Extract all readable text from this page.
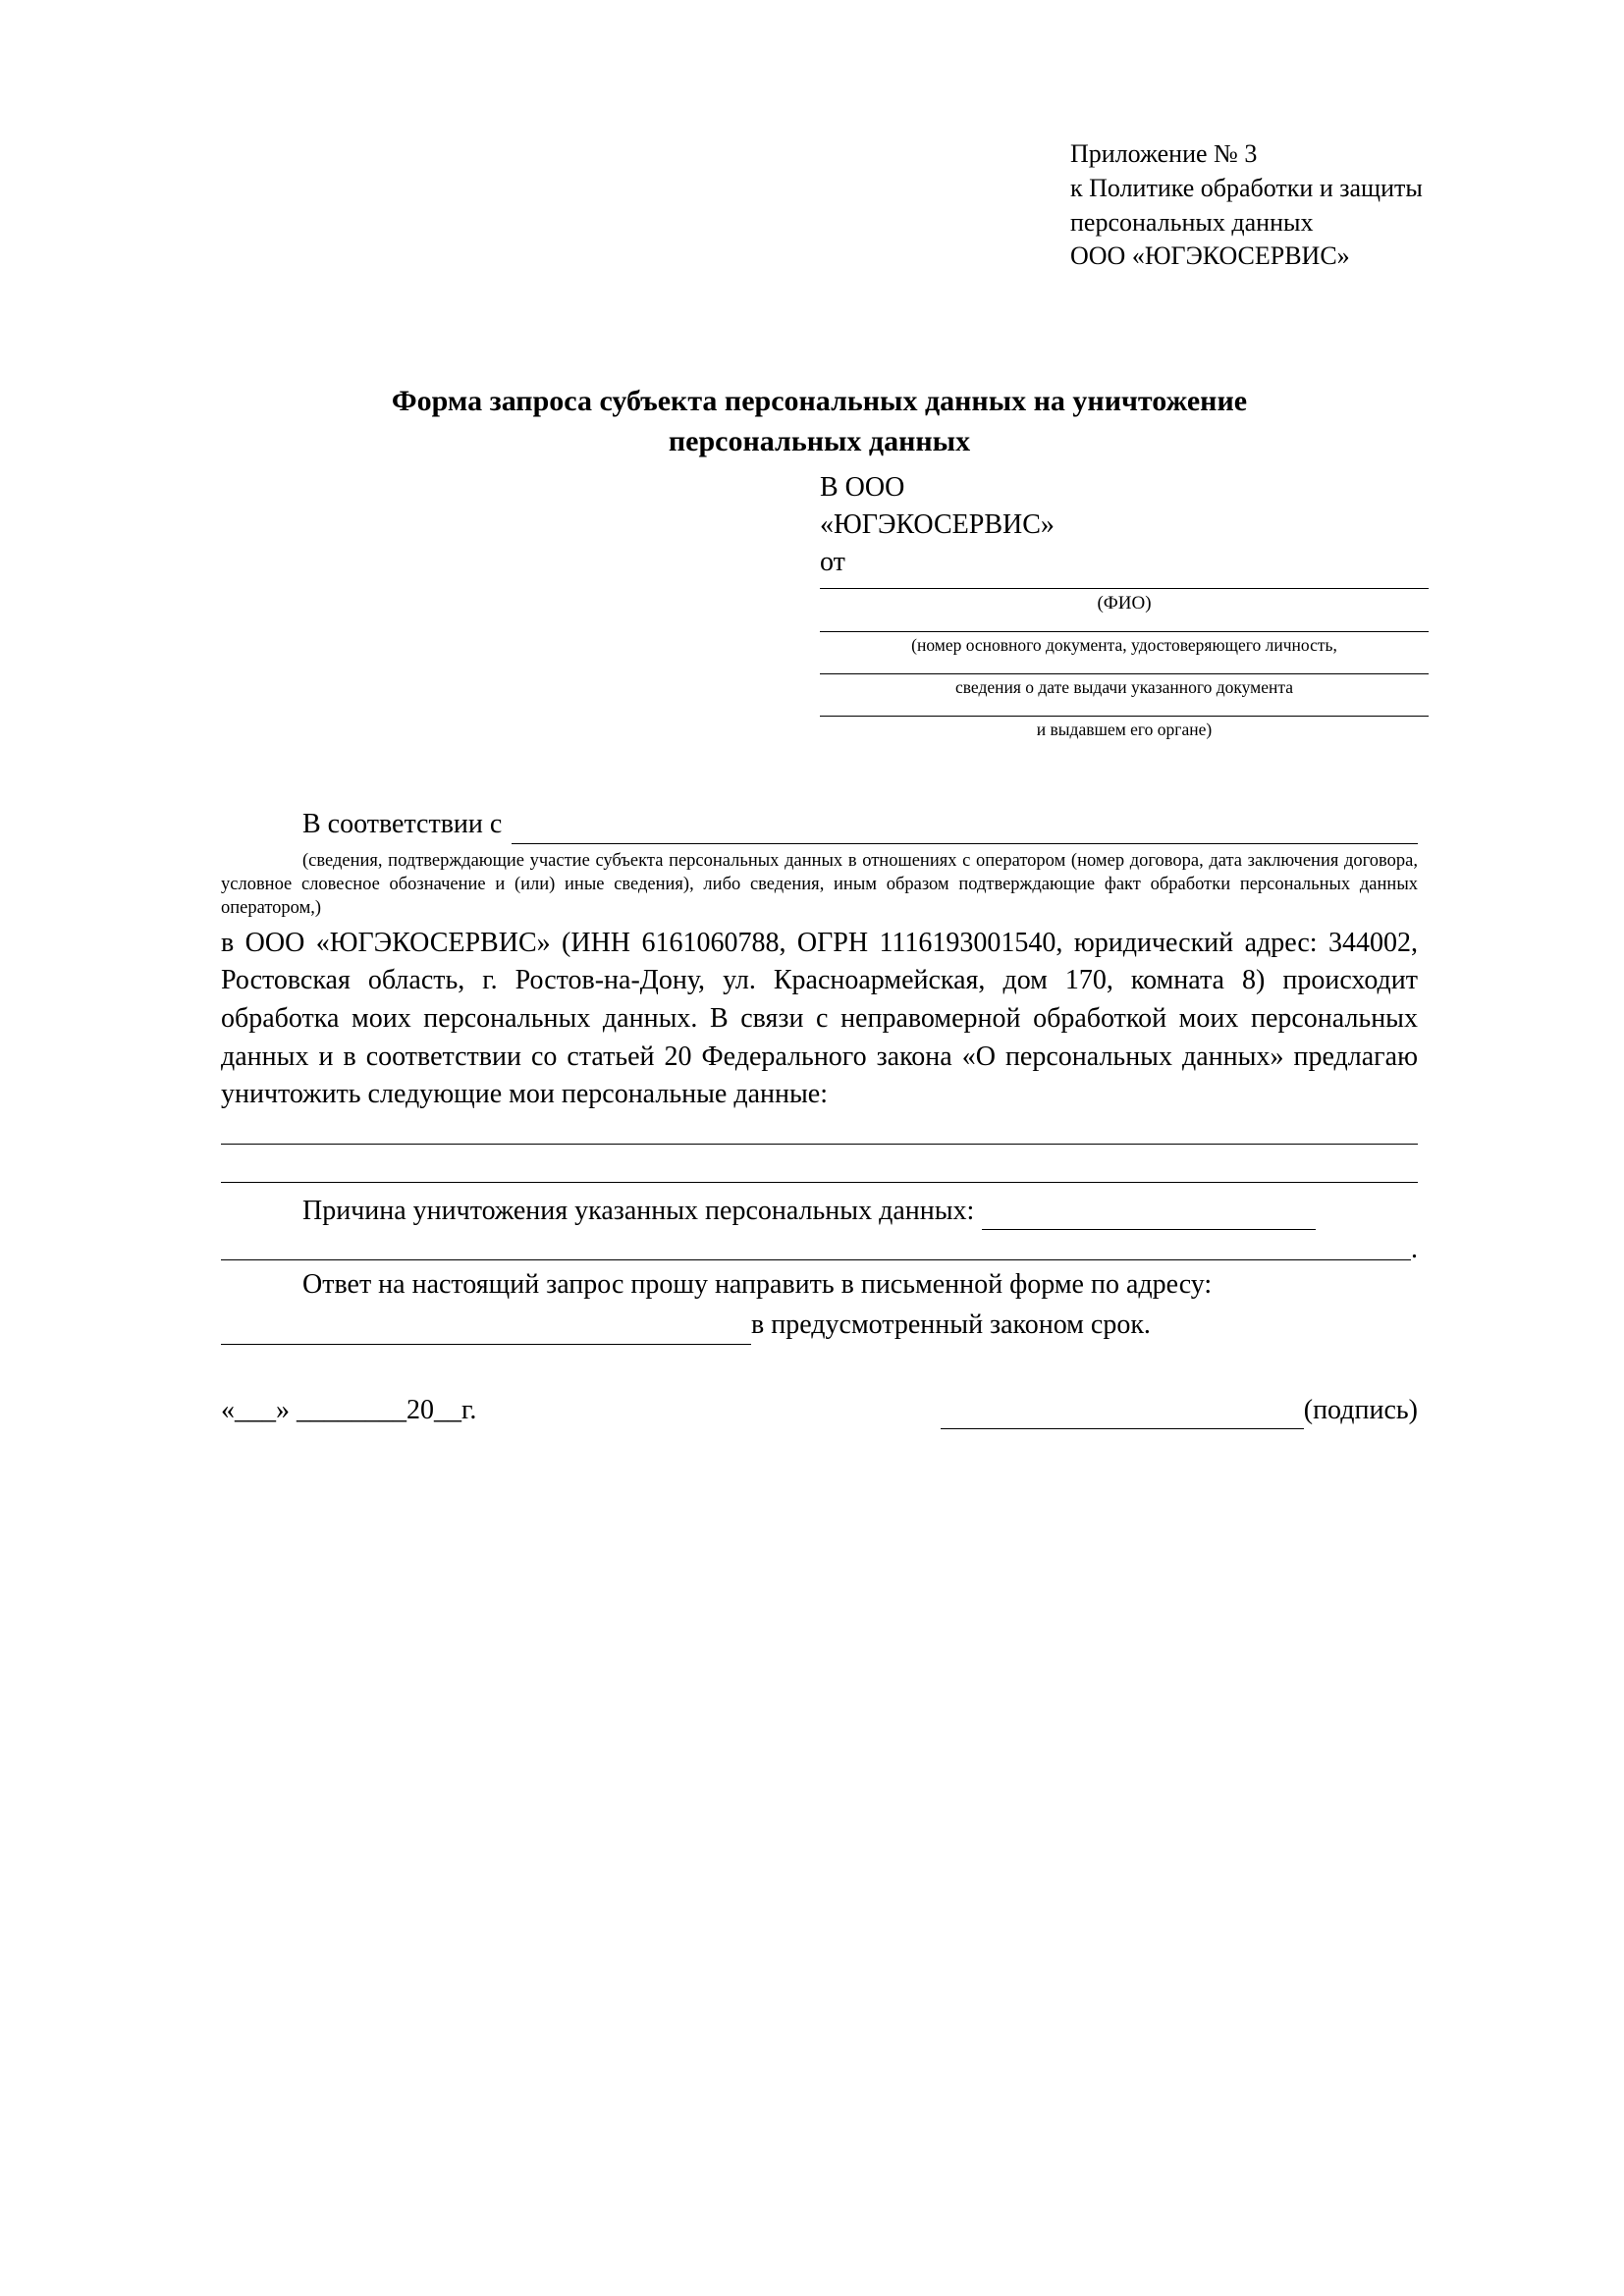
Приложение № 3
к Политике обработки и защиты
персональных данных
ООО «ЮГЭКОСЕРВИС»
Форма запроса субъекта персональных данных на уничтожение
персональных данных
В ООО
«ЮГЭКОСЕРВИС»
от
(ФИО)
(номер основного документа, удостоверяющего личность,
сведения о дате выдачи указанного документа
и выдавшем его органе)
В соответствии с
(сведения, подтверждающие участие субъекта персональных данных в отношениях с оператором (номер договора, дата заключения договора, условное словесное обозначение и (или) иные сведения), либо сведения, иным образом подтверждающие факт обработки персональных данных оператором,)
в ООО «ЮГЭКОСЕРВИС» (ИНН 6161060788, ОГРН 1116193001540, юридический адрес: 344002, Ростовская область, г. Ростов-на-Дону, ул. Красноармейская, дом 170, комната 8) происходит обработка моих персональных данных. В связи с неправомерной обработкой моих персональных данных и в соответствии со статьей 20 Федерального закона «О персональных данных» предлагаю уничтожить следующие мои персональные данные:
Причина уничтожения указанных персональных данных:
.
Ответ на настоящий запрос прошу направить в письменной форме по адресу:
в предусмотренный законом срок.
«___» ________20__г.	(подпись)
